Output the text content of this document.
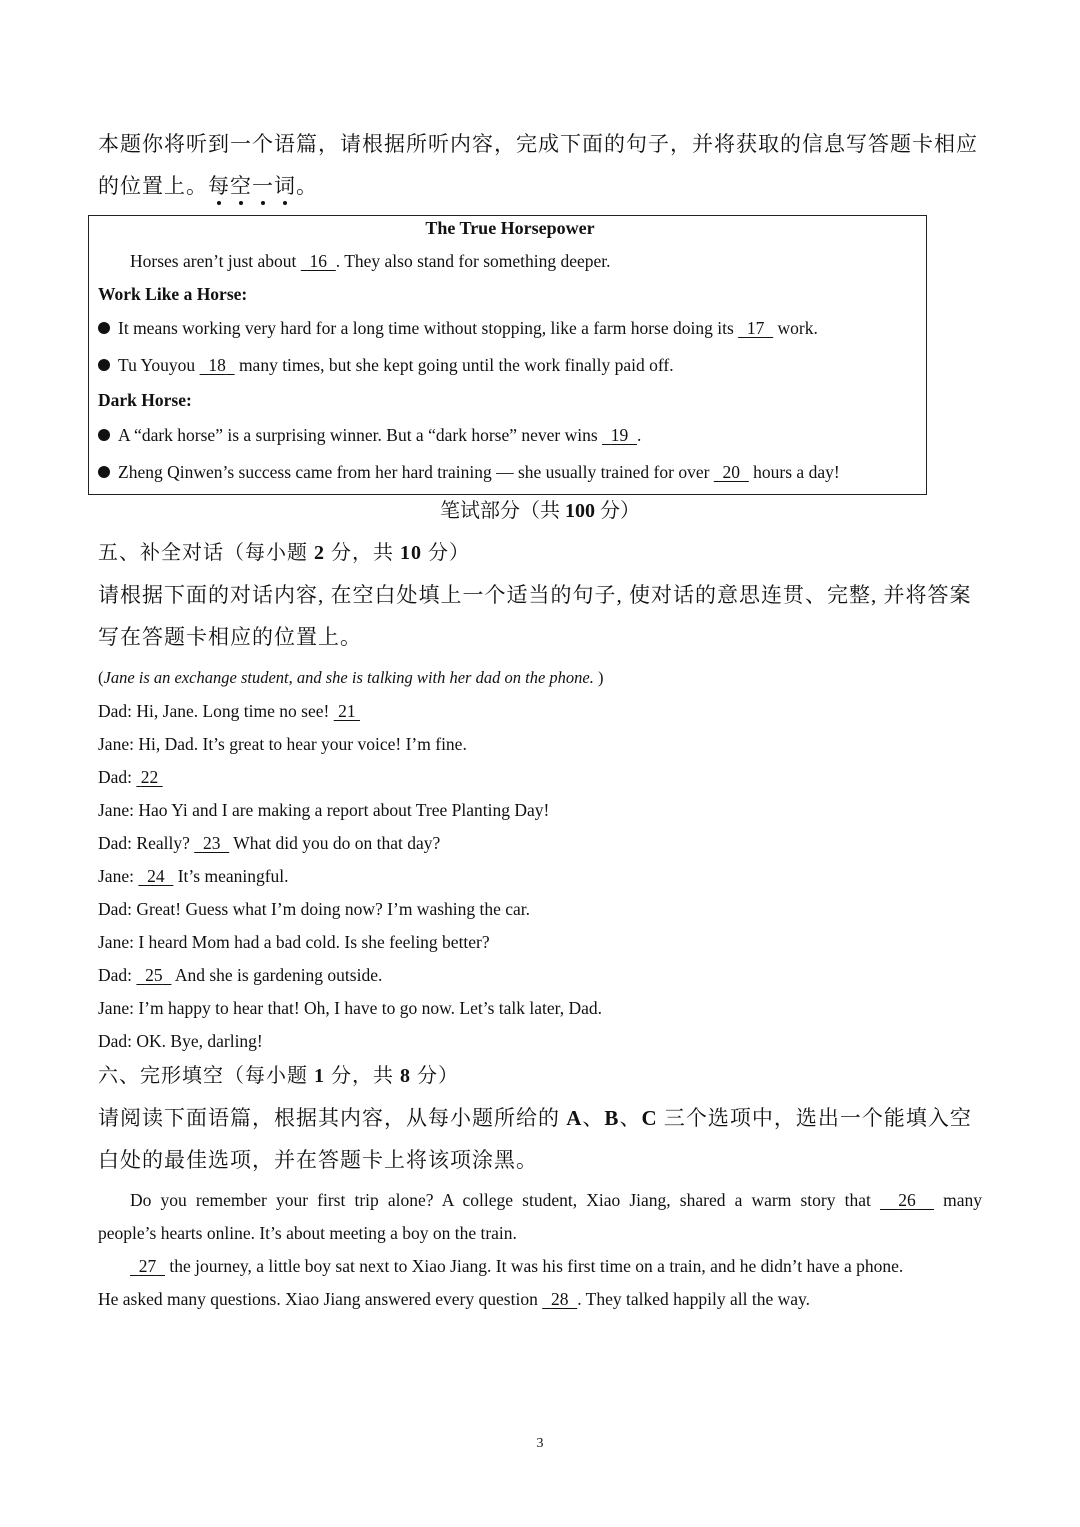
本题你将听到一个语篇，请根据所听内容，完成下面的句子，并将获取的信息写答题卡相应
的位置上。每空一词。
The True Horsepower
Horses aren’t just about   16 . They also stand for something deeper.
Work Like a Horse:
It means working very hard for a long time without stopping, like a farm horse doing its   17   work.
Tu Youyou   18   many times, but she kept going until the work finally paid off.
Dark Horse:
A “dark horse” is a surprising winner. But a “dark horse” never wins   19 .
Zheng Qinwen’s success came from her hard training — she usually trained for over   20   hours a day!
笔试部分（共 100 分）
五、补全对话（每小题 2 分，共 10 分）
请根据下面的对话内容, 在空白处填上一个适当的句子, 使对话的意思连贯、完整, 并将答案
写在答题卡相应的位置上。
(Jane is an exchange student, and she is talking with her dad on the phone. )
Dad: Hi, Jane. Long time no see!  21
Jane: Hi, Dad. It’s great to hear your voice! I’m fine.
Dad:  22
Jane: Hao Yi and I are making a report about Tree Planting Day!
Dad: Really?   23   What did you do on that day?
Jane:   24   It’s meaningful.
Dad: Great! Guess what I’m doing now? I’m washing the car.
Jane: I heard Mom had a bad cold. Is she feeling better?
Dad:   25   And she is gardening outside.
Jane: I’m happy to hear that! Oh, I have to go now. Let’s talk later, Dad.
Dad: OK. Bye, darling!
六、完形填空（每小题 1 分，共 8 分）
请阅读下面语篇，根据其内容，从每小题所给的 A、B、C 三个选项中，选出一个能填入空
白处的最佳选项，并在答题卡上将该项涂黑。
Do you remember your first trip alone? A college student, Xiao Jiang, shared a warm story that   26   many
people’s hearts online. It’s about meeting a boy on the train.
27   the journey, a little boy sat next to Xiao Jiang. It was his first time on a train, and he didn’t have a phone.
He asked many questions. Xiao Jiang answered every question   28 . They talked happily all the way.
3
